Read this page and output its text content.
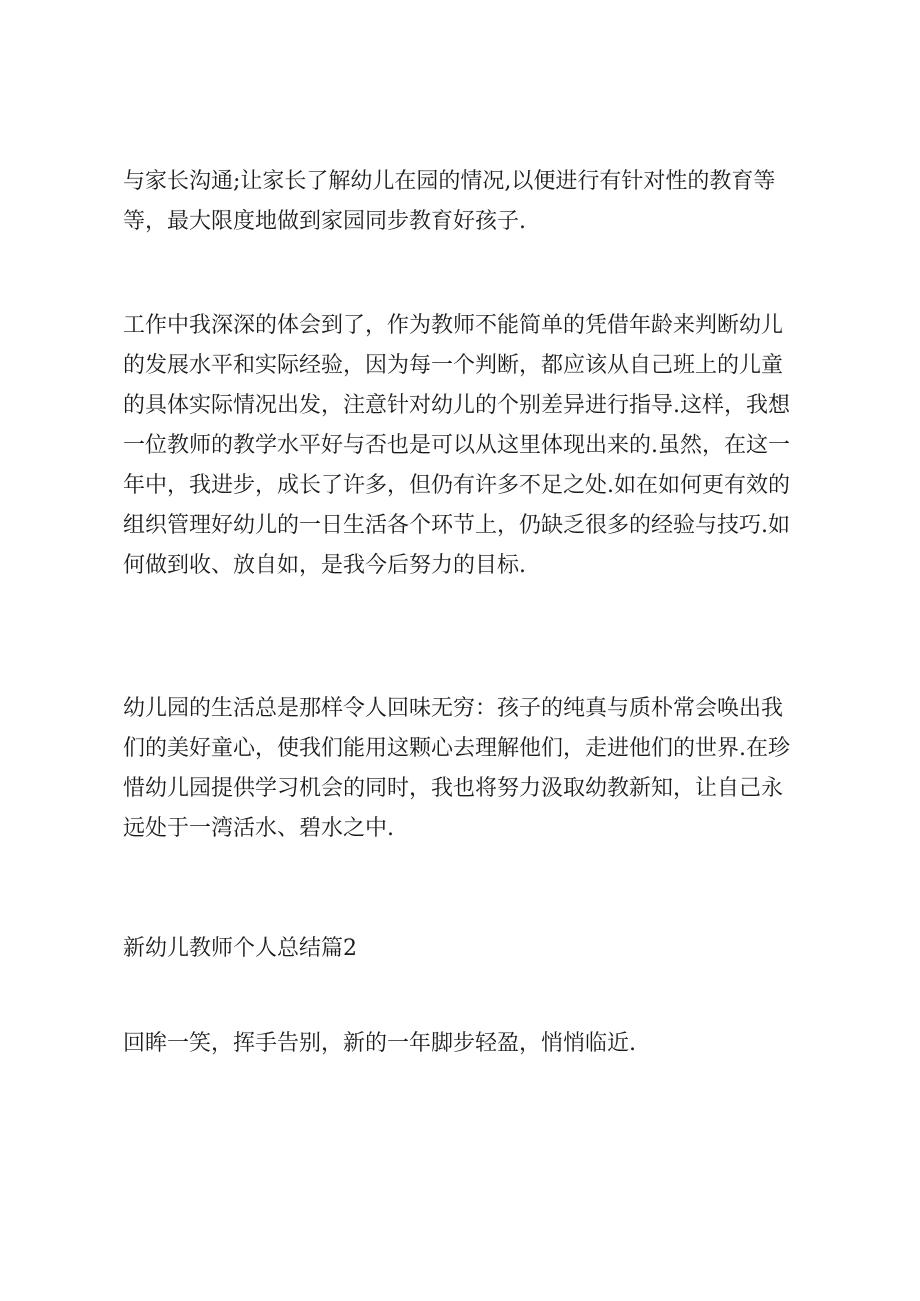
与家长沟通;让家长了解幼儿在园的情况,以便进行有针对性的教育等
等，最大限度地做到家园同步教育好孩子.
工作中我深深的体会到了，作为教师不能简单的凭借年龄来判断幼儿
的发展水平和实际经验，因为每一个判断，都应该从自己班上的儿童
的具体实际情况出发，注意针对幼儿的个别差异进行指导.这样，我想
一位教师的教学水平好与否也是可以从这里体现出来的.虽然，在这一
年中，我进步，成长了许多，但仍有许多不足之处.如在如何更有效的
组织管理好幼儿的一日生活各个环节上，仍缺乏很多的经验与技巧.如
何做到收、放自如，是我今后努力的目标.
幼儿园的生活总是那样令人回味无穷：孩子的纯真与质朴常会唤出我
们的美好童心，使我们能用这颗心去理解他们，走进他们的世界.在珍
惜幼儿园提供学习机会的同时，我也将努力汲取幼教新知，让自己永
远处于一湾活水、碧水之中.
新幼儿教师个人总结篇2
回眸一笑，挥手告别，新的一年脚步轻盈，悄悄临近.
